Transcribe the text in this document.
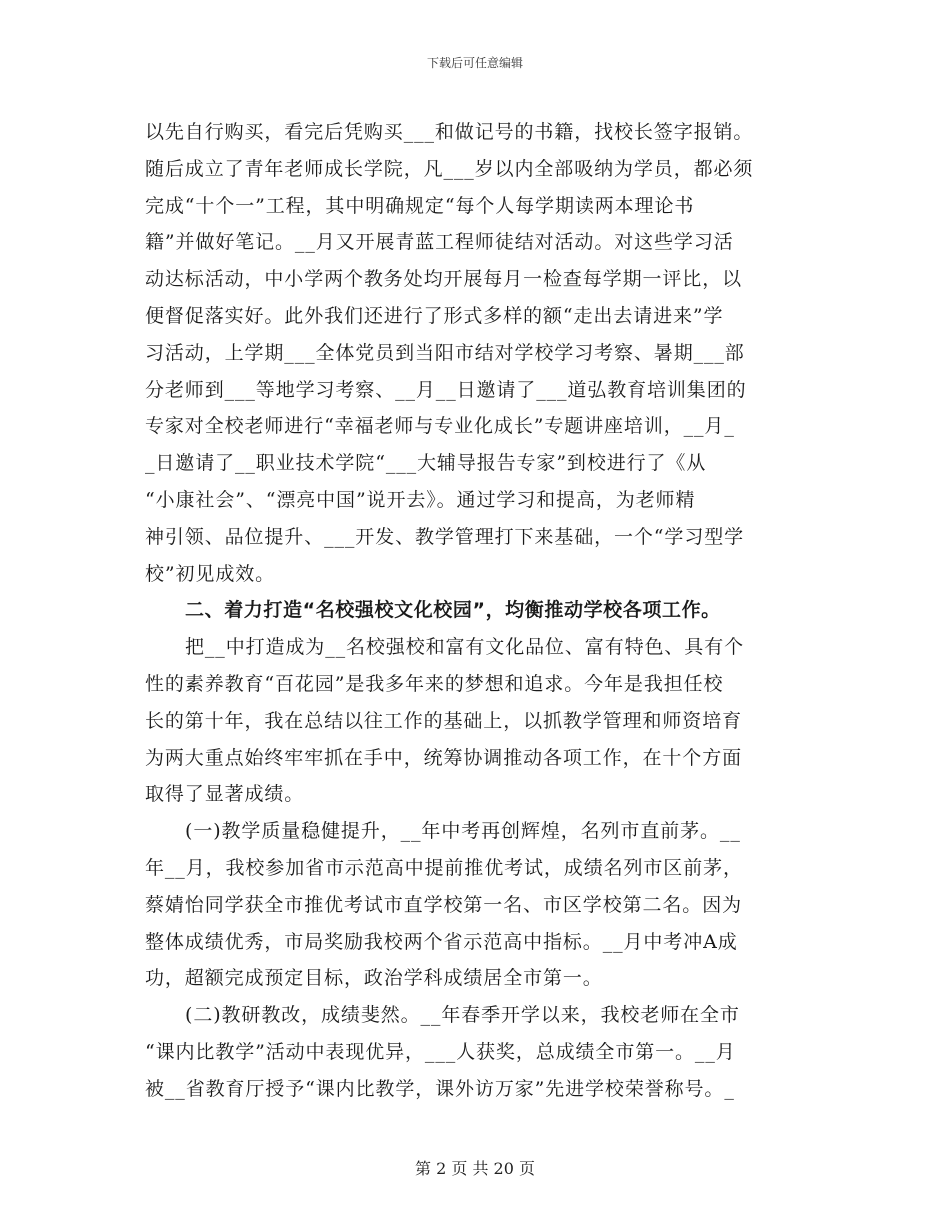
下载后可任意编辑

以先自行购买，看完后凭购买___和做记号的书籍，找校长签字报销。
随后成立了青年老师成长学院，凡___岁以内全部吸纳为学员，都必须
完成“十个一”工程，其中明确规定“每个人每学期读两本理论书
籍”并做好笔记。__月又开展青蓝工程师徒结对活动。对这些学习活
动达标活动，中小学两个教务处均开展每月一检查每学期一评比，以
便督促落实好。此外我们还进行了形式多样的额“走出去请进来”学
习活动，上学期___全体党员到当阳市结对学校学习考察、暑期___部
分老师到___等地学习考察、__月__日邀请了___道弘教育培训集团的
专家对全校老师进行“幸福老师与专业化成长”专题讲座培训，__月_
_日邀请了__职业技术学院“___大辅导报告专家”到校进行了《从
“小康社会”、“漂亮中国”说开去》。通过学习和提高，为老师精
神引领、品位提升、___开发、教学管理打下来基础，一个“学习型学
校”初见成效。

二、着力打造“名校强校文化校园”，均衡推动学校各项工作。

把__中打造成为__名校强校和富有文化品位、富有特色、具有个
性的素养教育“百花园”是我多年来的梦想和追求。今年是我担任校
长的第十年，我在总结以往工作的基础上，以抓教学管理和师资培育
为两大重点始终牢牢抓在手中，统筹协调推动各项工作，在十个方面
取得了显著成绩。

(一)教学质量稳健提升，__年中考再创辉煌，名列市直前茅。__
年__月，我校参加省市示范高中提前推优考试，成绩名列市区前茅，
蔡婧怡同学获全市推优考试市直学校第一名、市区学校第二名。因为
整体成绩优秀，市局奖励我校两个省示范高中指标。__月中考冲A成
功，超额完成预定目标，政治学科成绩居全市第一。

(二)教研教改，成绩斐然。__年春季开学以来，我校老师在全市
“课内比教学”活动中表现优异，___人获奖，总成绩全市第一。__月
被__省教育厅授予“课内比教学，课外访万家”先进学校荣誉称号。_

第 2 页 共 20 页
